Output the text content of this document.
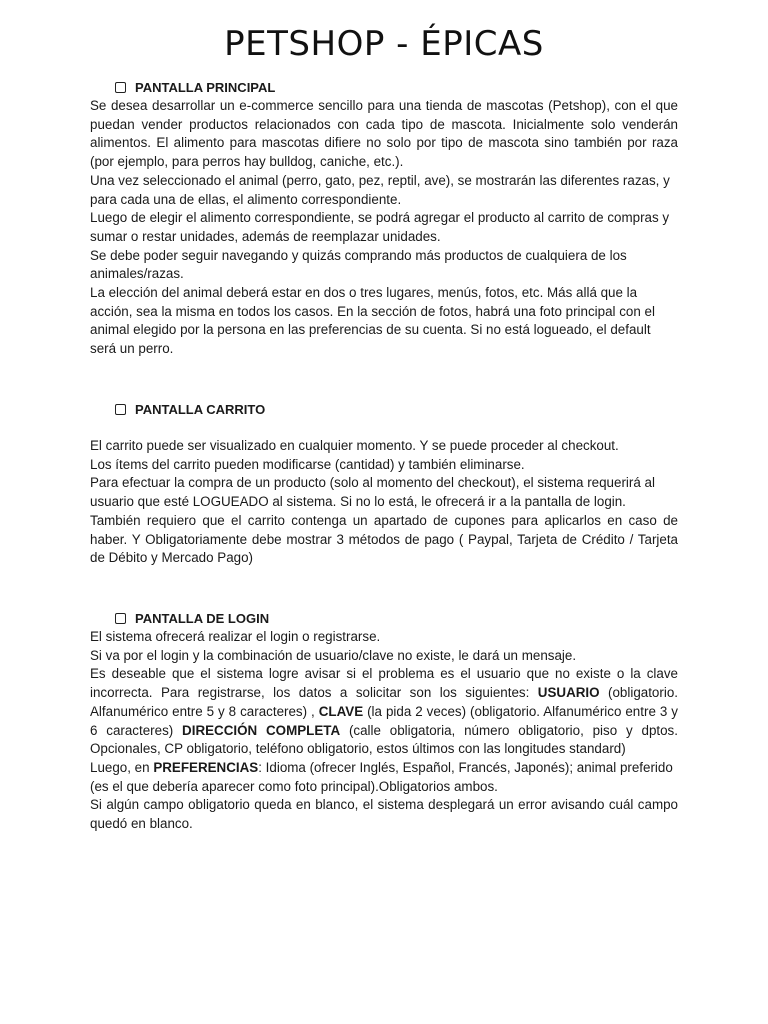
PETSHOP - ÉPICAS
PANTALLA PRINCIPAL

Se desea desarrollar un e-commerce sencillo para una tienda de mascotas (Petshop), con el que puedan vender productos relacionados con cada tipo de mascota. Inicialmente solo venderán alimentos. El alimento para mascotas difiere no solo por tipo de mascota sino también por raza (por ejemplo, para perros hay bulldog, caniche, etc.).

Una vez seleccionado el animal (perro, gato, pez, reptil, ave), se mostrarán las diferentes razas, y para cada una de ellas, el alimento correspondiente.

Luego de elegir el alimento correspondiente, se podrá agregar el producto al carrito de compras y sumar o restar unidades, además de reemplazar unidades.

Se debe poder seguir navegando y quizás comprando más productos de cualquiera de los animales/razas.

La elección del animal deberá estar en dos o tres lugares, menús, fotos, etc. Más allá que la acción, sea la misma en todos los casos. En la sección de fotos, habrá una foto principal con el animal elegido por la persona en las preferencias de su cuenta. Si no está logueado, el default será un perro.

PANTALLA CARRITO

El carrito puede ser visualizado en cualquier momento. Y se puede proceder al checkout.

Los ítems del carrito pueden modificarse (cantidad) y también eliminarse.

Para efectuar la compra de un producto (solo al momento del checkout), el sistema requerirá al usuario que esté LOGUEADO al sistema. Si no lo está, le ofrecerá ir a la pantalla de login.

También requiero que el carrito contenga un apartado de cupones para aplicarlos en caso de haber. Y Obligatoriamente debe mostrar 3 métodos de pago ( Paypal, Tarjeta de Crédito / Tarjeta de Débito y Mercado Pago)

PANTALLA DE LOGIN

El sistema ofrecerá realizar el login o registrarse.

Si va por el login y la combinación de usuario/clave no existe, le dará un mensaje.

Es deseable que el sistema logre avisar si el problema es el usuario que no existe o la clave incorrecta. Para registrarse, los datos a solicitar son los siguientes: USUARIO (obligatorio. Alfanumérico entre 5 y 8 caracteres) , CLAVE (la pida 2 veces) (obligatorio. Alfanumérico entre 3 y 6 caracteres) DIRECCIÓN COMPLETA (calle obligatoria, número obligatorio, piso y dptos. Opcionales, CP obligatorio, teléfono obligatorio, estos últimos con las longitudes standard)

Luego, en PREFERENCIAS: Idioma (ofrecer Inglés, Español, Francés, Japonés); animal preferido (es el que debería aparecer como foto principal).Obligatorios ambos.

Si algún campo obligatorio queda en blanco, el sistema desplegará un error avisando cuál campo quedó en blanco.
